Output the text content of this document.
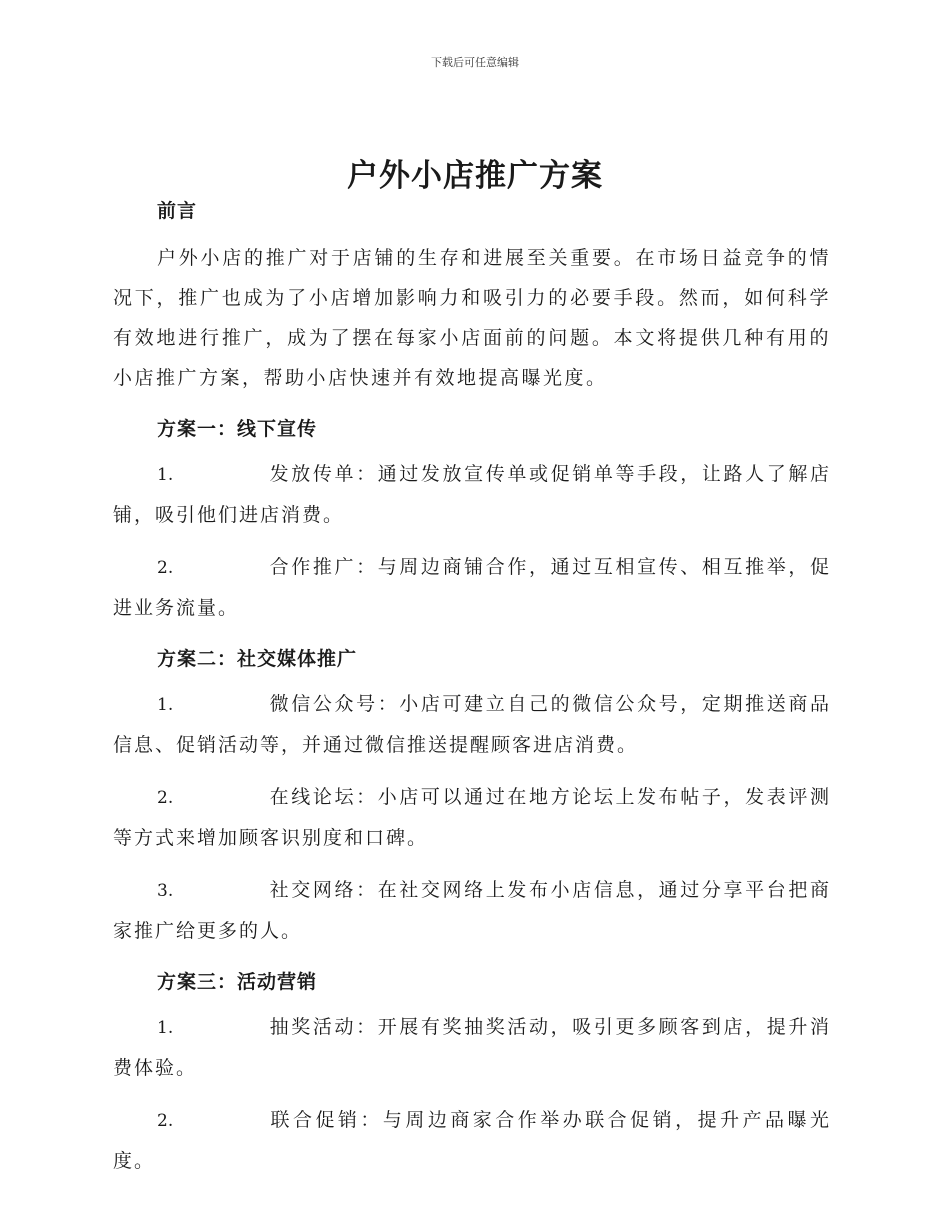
下载后可任意编辑
户外小店推广方案
前言
户外小店的推广对于店铺的生存和进展至关重要。在市场日益竞争的情况下，推广也成为了小店增加影响力和吸引力的必要手段。然而，如何科学有效地进行推广，成为了摆在每家小店面前的问题。本文将提供几种有用的小店推广方案，帮助小店快速并有效地提高曝光度。
方案一：线下宣传
1.	发放传单：通过发放宣传单或促销单等手段，让路人了解店铺，吸引他们进店消费。
2.	合作推广：与周边商铺合作，通过互相宣传、相互推举，促进业务流量。
方案二：社交媒体推广
1.	微信公众号：小店可建立自己的微信公众号，定期推送商品信息、促销活动等，并通过微信推送提醒顾客进店消费。
2.	在线论坛：小店可以通过在地方论坛上发布帖子，发表评测等方式来增加顾客识别度和口碑。
3.	社交网络：在社交网络上发布小店信息，通过分享平台把商家推广给更多的人。
方案三：活动营销
1.	抽奖活动：开展有奖抽奖活动，吸引更多顾客到店，提升消费体验。
2.	联合促销：与周边商家合作举办联合促销，提升产品曝光度。
